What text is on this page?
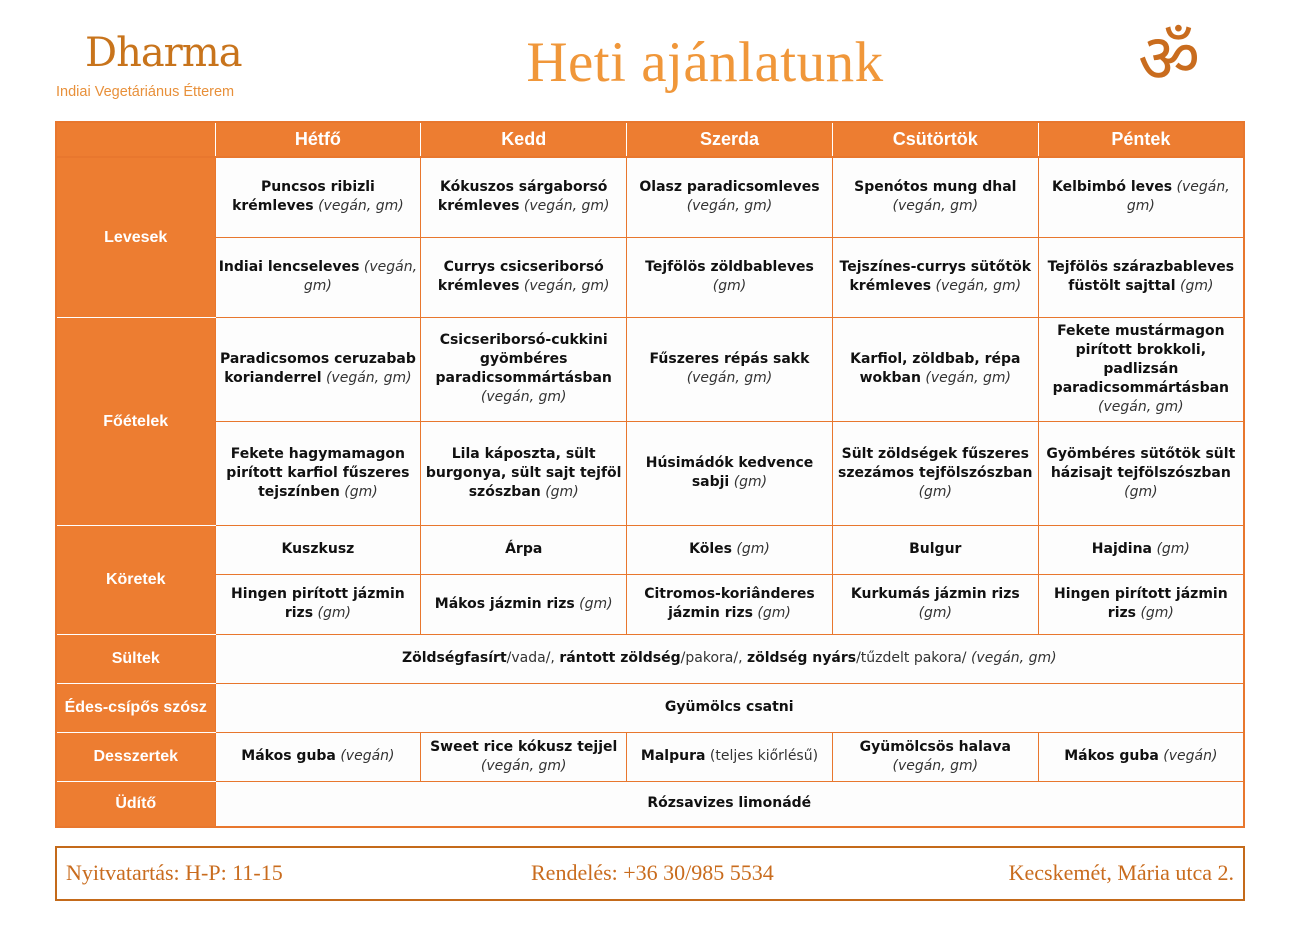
Dharma
Indiai Vegetáriánus Étterem	Heti ajánlatunk	ॐ
	Hétfő	Kedd	Szerda	Csütörtök	Péntek
Levesek	Puncsos ribizli krémleves (vegán, gm)	Kókuszos sárgaborsó krémleves (vegán, gm)	Olasz paradicsomleves (vegán, gm)	Spenótos mung dhal (vegán, gm)	Kelbimbó leves (vegán, gm)
	Indiai lencseleves (vegán, gm)	Currys csicseriborsó krémleves (vegán, gm)	Tejfölös zöldbableves (gm)	Tejszínes-currys sütőtök krémleves (vegán, gm)	Tejfölös szárazbableves füstölt sajttal (gm)
Főételek	Paradicsomos ceruzabab korianderrel (vegán, gm)	Csicseriborsó-cukkini gyömbéres paradicsommártásban (vegán, gm)	Fűszeres répás sakk (vegán, gm)	Karfiol, zöldbab, répa wokban (vegán, gm)	Fekete mustármagon pirított brokkoli, padlizsán paradicsommártásban (vegán, gm)
	Fekete hagymamagon pirított karfiol fűszeres tejszínben (gm)	Lila káposzta, sült burgonya, sült sajt tejföl szószban (gm)	Húsimádók kedvence sabji (gm)	Sült zöldségek fűszeres szezámos tejfölszószban (gm)	Gyömbéres sütőtök sült házisajt tejfölszószban (gm)
Köretek	Kuszkusz	Árpa	Köles (gm)	Bulgur	Hajdina (gm)
	Hingen pirított jázmin rizs (gm)	Mákos jázmin rizs (gm)	Citromos-koriânderes jázmin rizs (gm)	Kurkumás jázmin rizs (gm)	Hingen pirított jázmin rizs (gm)
Sültek	Zöldségfasírt/vada/, rántott zöldség/pakora/, zöldség nyárs/tűzdelt pakora/ (vegán, gm)				
Édes-csípős szósz	Gyümölcs csatni				
Desszertek	Mákos guba (vegán)	Sweet rice kókusz tejjel (vegán, gm)	Malpura (teljes kiőrlésű)	Gyümölcsös halava (vegán, gm)	Mákos guba (vegán)
Üdítő	Rózsavizes limonádé				
Nyitvatartás: H-P: 11-15	Rendelés: +36 30/985 5534	Kecskemét, Mária utca 2.
